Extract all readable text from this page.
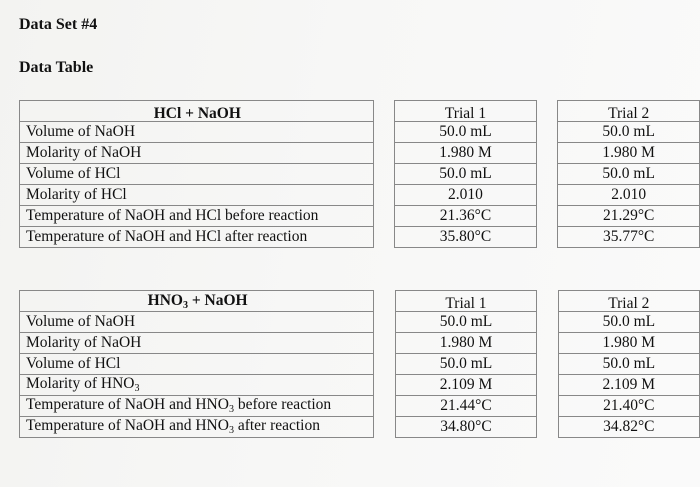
Data Set #4
Data Table
HCl + NaOH		Trial 1		Trial 2
Volume of NaOH		50.0 mL		50.0 mL
Molarity of NaOH		1.980 M		1.980 M
Volume of HCl		50.0 mL		50.0 mL
Molarity of HCl		2.010		2.010
Temperature of NaOH and HCl before reaction		21.36°C		21.29°C
Temperature of NaOH and HCl after reaction		35.80°C		35.77°C
$HNO_3$ + NaOH		Trial 1		Trial 2
Volume of NaOH		50.0 mL		50.0 mL
Molarity of NaOH		1.980 M		1.980 M
Volume of HCl		50.0 mL		50.0 mL
Molarity of $HNO_3$		2.109 M		2.109 M
Temperature of NaOH and $HNO_3$ before reaction		21.44°C		21.40°C
Temperature of NaOH and $HNO_3$ after reaction		34.80°C		34.82°C
